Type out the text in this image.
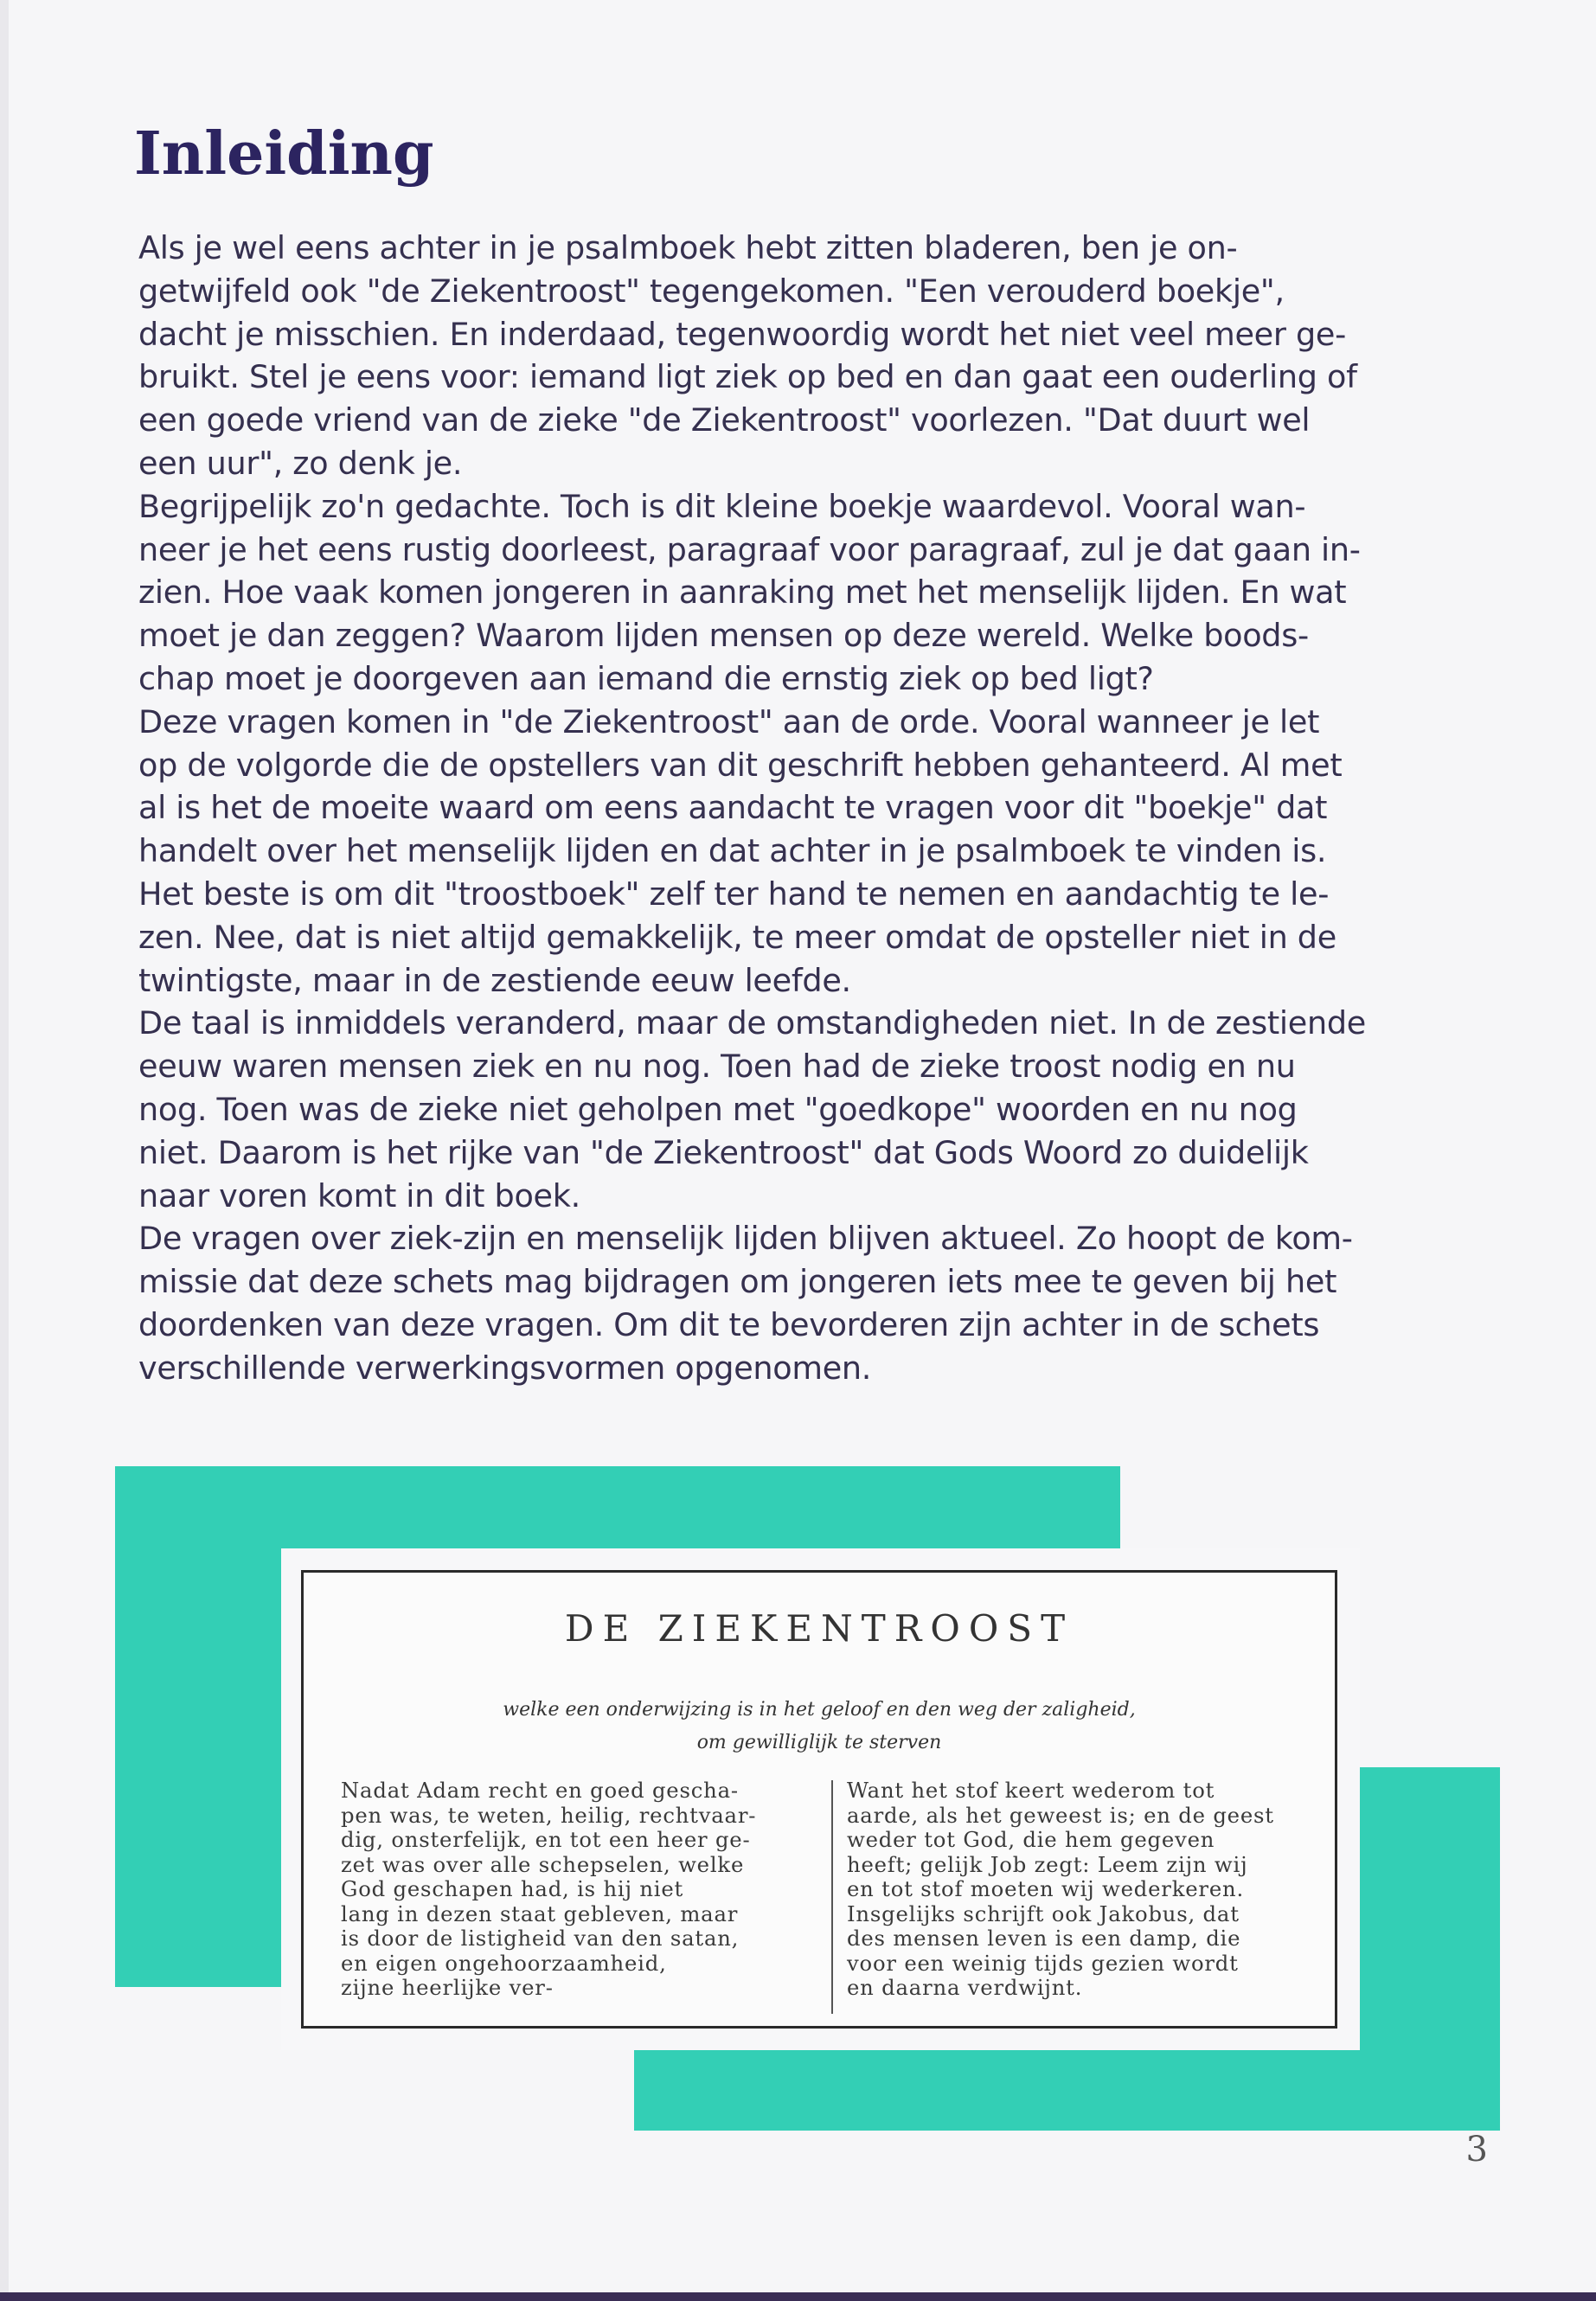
Inleiding
Als je wel eens achter in je psalmboek hebt zitten bladeren, ben je on-
getwijfeld ook "de Ziekentroost" tegengekomen. "Een verouderd boekje",
dacht je misschien. En inderdaad, tegenwoordig wordt het niet veel meer ge-
bruikt. Stel je eens voor: iemand ligt ziek op bed en dan gaat een ouderling of
een goede vriend van de zieke "de Ziekentroost" voorlezen. "Dat duurt wel
een uur", zo denk je.
Begrijpelijk zo'n gedachte. Toch is dit kleine boekje waardevol. Vooral wan-
neer je het eens rustig doorleest, paragraaf voor paragraaf, zul je dat gaan in-
zien. Hoe vaak komen jongeren in aanraking met het menselijk lijden. En wat
moet je dan zeggen? Waarom lijden mensen op deze wereld. Welke boods-
chap moet je doorgeven aan iemand die ernstig ziek op bed ligt?
Deze vragen komen in "de Ziekentroost" aan de orde. Vooral wanneer je let
op de volgorde die de opstellers van dit geschrift hebben gehanteerd. Al met
al is het de moeite waard om eens aandacht te vragen voor dit "boekje" dat
handelt over het menselijk lijden en dat achter in je psalmboek te vinden is.
Het beste is om dit "troostboek" zelf ter hand te nemen en aandachtig te le-
zen. Nee, dat is niet altijd gemakkelijk, te meer omdat de opsteller niet in de
twintigste, maar in de zestiende eeuw leefde.
De taal is inmiddels veranderd, maar de omstandigheden niet. In de zestiende
eeuw waren mensen ziek en nu nog. Toen had de zieke troost nodig en nu
nog. Toen was de zieke niet geholpen met "goedkope" woorden en nu nog
niet. Daarom is het rijke van "de Ziekentroost" dat Gods Woord zo duidelijk
naar voren komt in dit boek.
De vragen over ziek-zijn en menselijk lijden blijven aktueel. Zo hoopt de kom-
missie dat deze schets mag bijdragen om jongeren iets mee te geven bij het
doordenken van deze vragen. Om dit te bevorderen zijn achter in de schets
verschillende verwerkingsvormen opgenomen.
DE ZIEKENTROOST
welke een onderwijzing is in het geloof en den weg der zaligheid,
om gewilliglijk te sterven
Nadat Adam recht en goed gescha-
pen was, te weten, heilig, rechtvaar-
dig, onsterfelijk, en tot een heer ge-
zet was over alle schepselen, welke
God geschapen had, is hij niet
lang in dezen staat gebleven, maar
is door de listigheid van den satan,
en eigen ongehoorzaamheid,
zijne heerlijke ver-
Want het stof keert wederom tot
aarde, als het geweest is; en de geest
weder tot God, die hem gegeven
heeft; gelijk Job zegt: Leem zijn wij
en tot stof moeten wij wederkeren.
Insgelijks schrijft ook Jakobus, dat
des mensen leven is een damp, die
voor een weinig tijds gezien wordt
en daarna verdwijnt.
3
